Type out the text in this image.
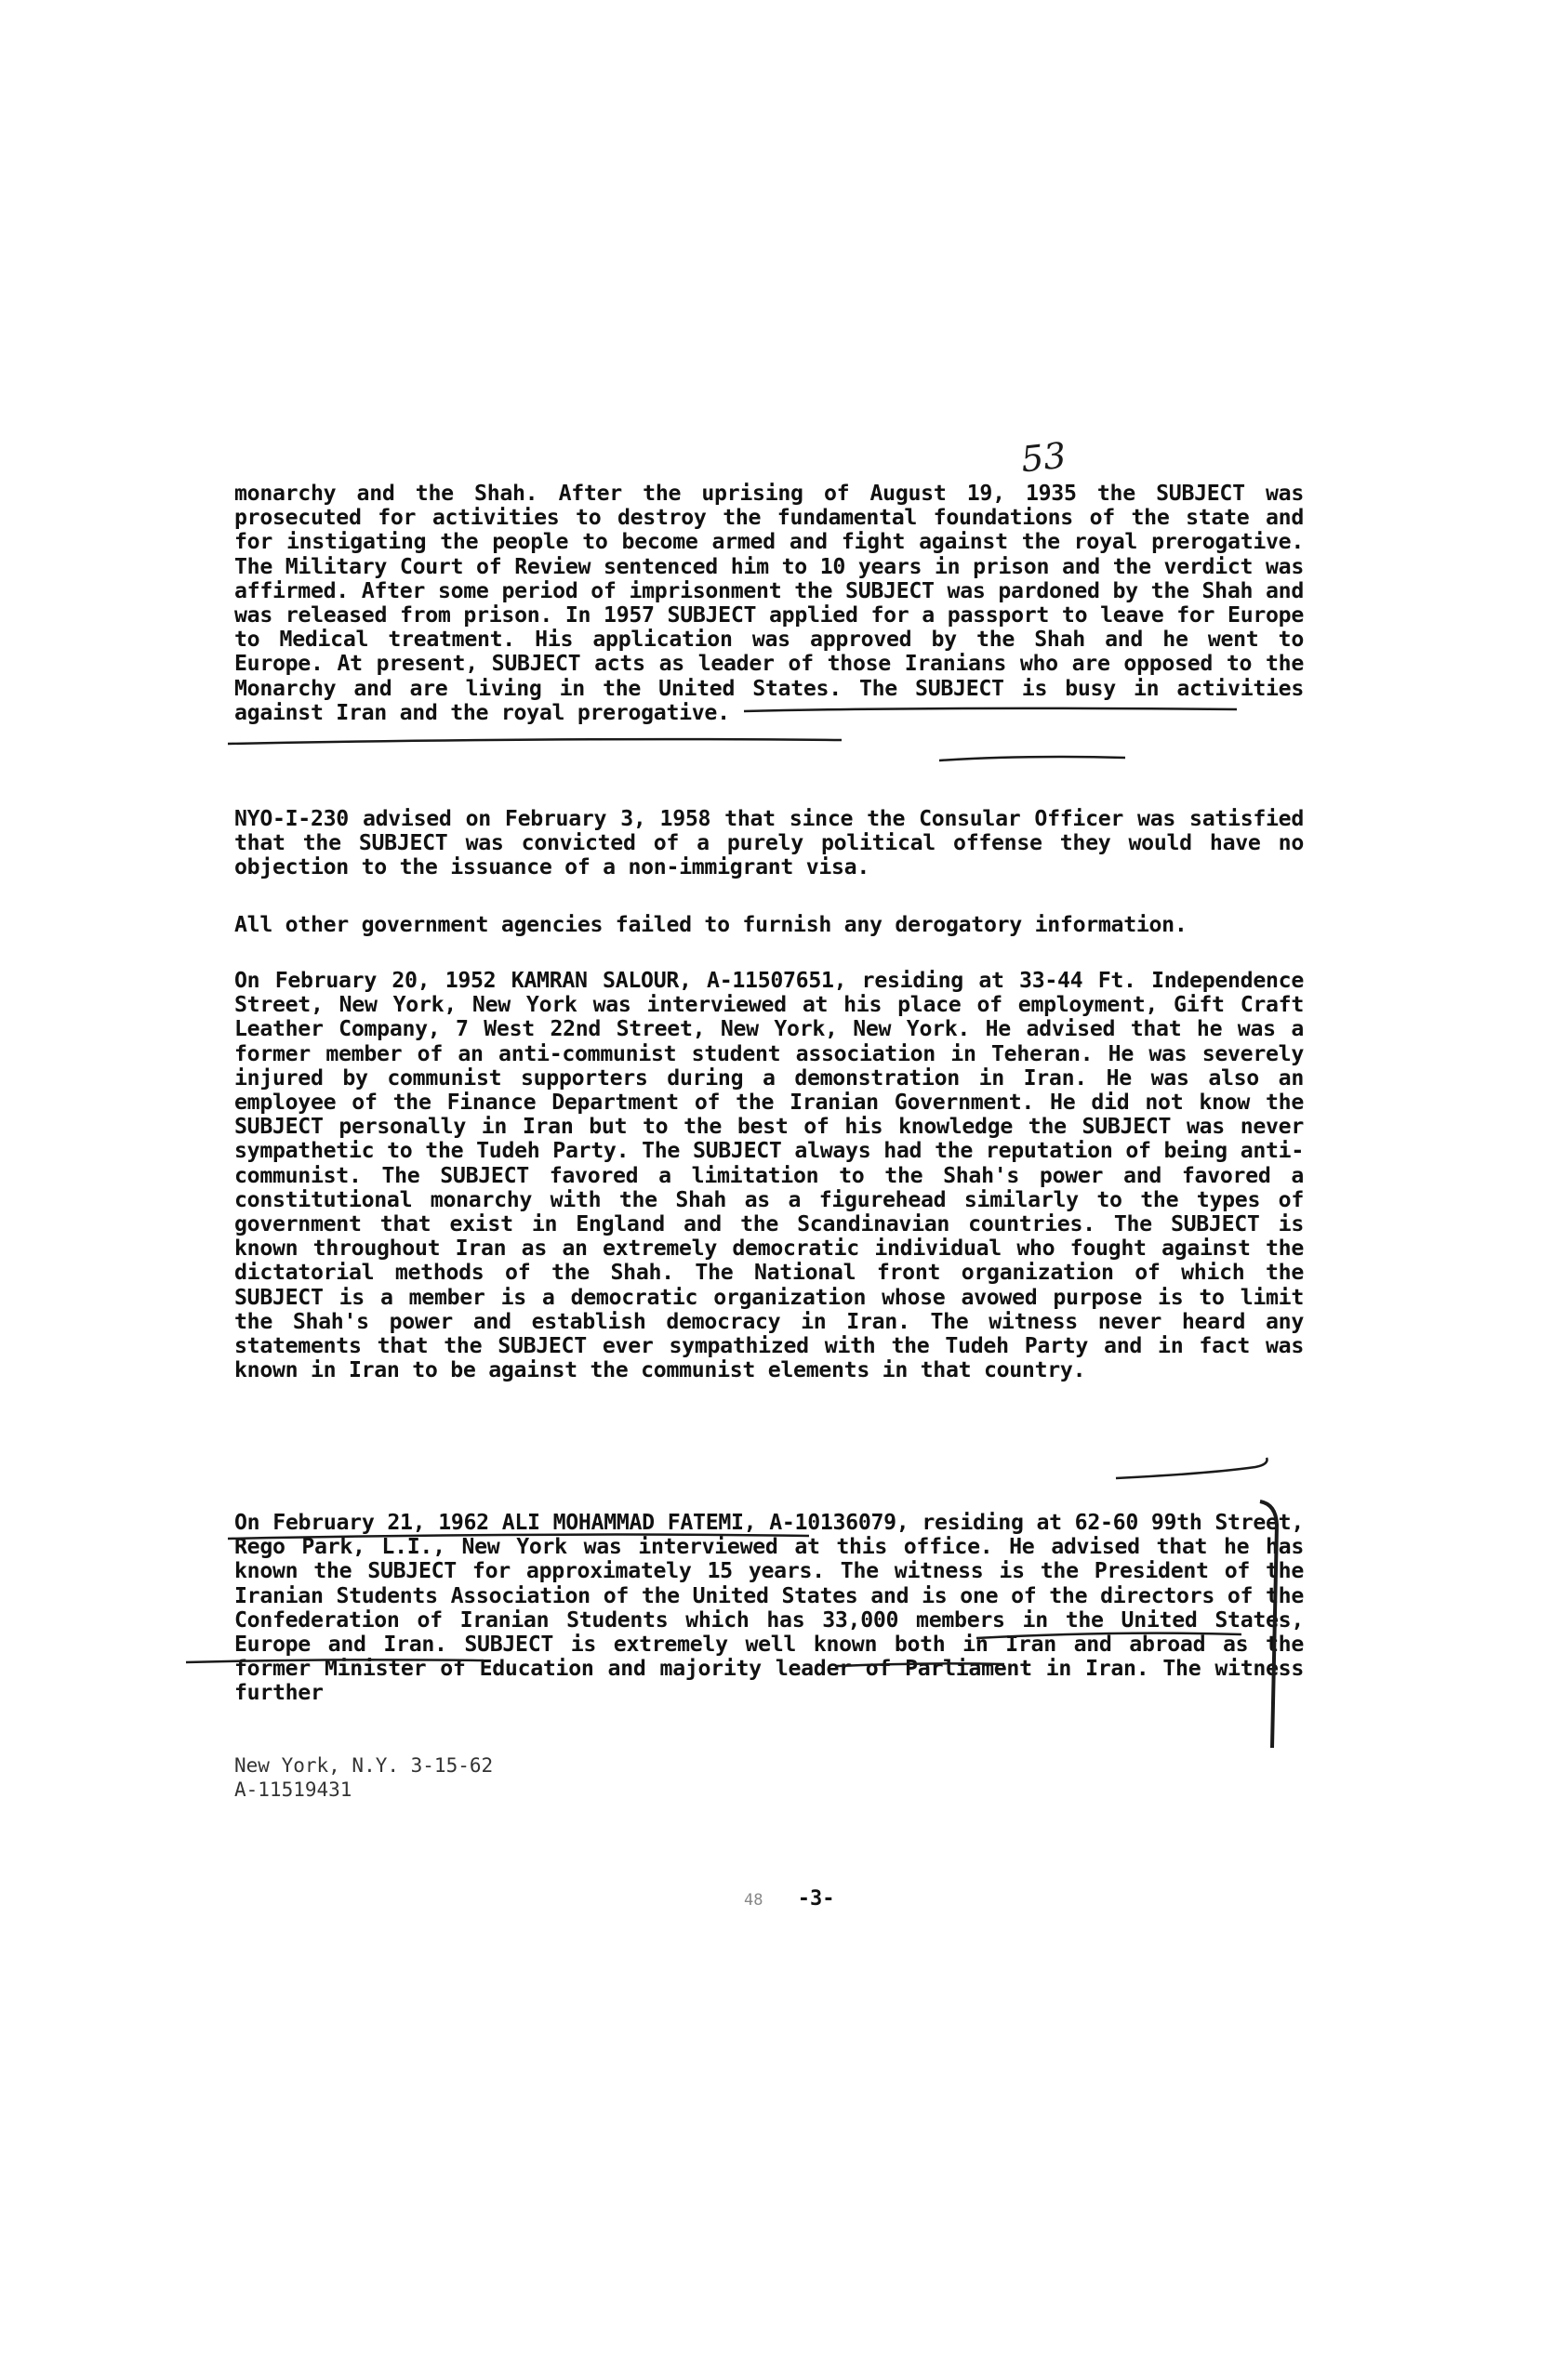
53

monarchy and the Shah. After the uprising of August 19, 1935 the SUBJECT was prosecuted for activities to destroy the fundamental foundations of the state and for instigating the people to become armed and fight against the royal prerogative. The Military Court of Review sentenced him to 10 years in prison and the verdict was affirmed. After some period of imprisonment the SUBJECT was pardoned by the Shah and was released from prison. In 1957 SUBJECT applied for a passport to leave for Europe to Medical treatment. His application was approved by the Shah and he went to Europe. At present, SUBJECT acts as leader of those Iranians who are opposed to the Monarchy and are living in the United States. The SUBJECT is busy in activities against Iran and the royal prerogative.

NYO-I-230 advised on February 3, 1958 that since the Consular Officer was satisfied that the SUBJECT was convicted of a purely political offense they would have no objection to the issuance of a non-immigrant visa.

All other government agencies failed to furnish any derogatory information.

On February 20, 1952 KAMRAN SALOUR, A-11507651, residing at 33-44 Ft. Independence Street, New York, New York was interviewed at his place of employment, Gift Craft Leather Company, 7 West 22nd Street, New York, New York. He advised that he was a former member of an anti-communist student association in Teheran. He was severely injured by communist supporters during a demonstration in Iran. He was also an employee of the Finance Department of the Iranian Government. He did not know the SUBJECT personally in Iran but to the best of his knowledge the SUBJECT was never sympathetic to the Tudeh Party. The SUBJECT always had the reputation of being anti-communist. The SUBJECT favored a limitation to the Shah's power and favored a constitutional monarchy with the Shah as a figurehead similarly to the types of government that exist in England and the Scandinavian countries. The SUBJECT is known throughout Iran as an extremely democratic individual who fought against the dictatorial methods of the Shah. The National front organization of which the SUBJECT is a member is a democratic organization whose avowed purpose is to limit the Shah's power and establish democracy in Iran. The witness never heard any statements that the SUBJECT ever sympathized with the Tudeh Party and in fact was known in Iran to be against the communist elements in that country.

On February 21, 1962 ALI MOHAMMAD FATEMI, A-10136079, residing at 62-60 99th Street, Rego Park, L.I., New York was interviewed at this office. He advised that he has known the SUBJECT for approximately 15 years. The witness is the President of the Iranian Students Association of the United States and is one of the directors of the Confederation of Iranian Students which has 33,000 members in the United States, Europe and Iran. SUBJECT is extremely well known both in Iran and abroad as the former Minister of Education and majority leader of Parliament in Iran. The witness further

New York, N.Y. 3-15-62
A-11519431
48 -3-
